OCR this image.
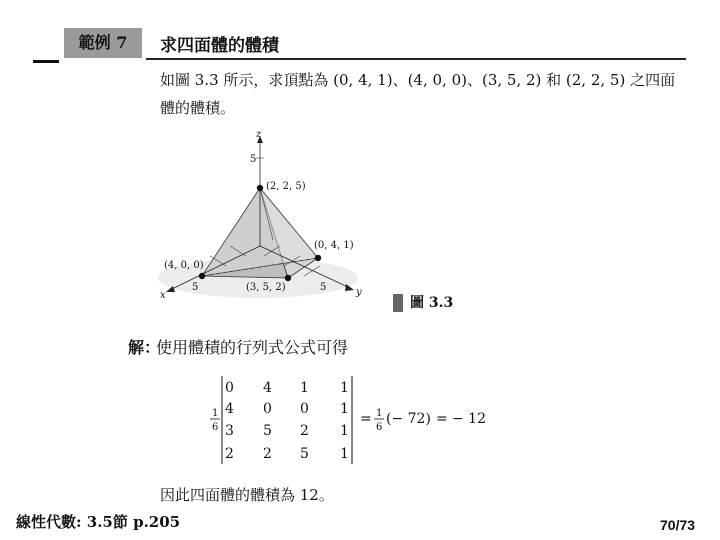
範例 7	求四面體的體積
如圖 3.3 所示，求頂點為 (0, 4, 1)、(4, 0, 0)、(3, 5, 2) 和 (2, 2, 5) 之四面體的體積。
z
5
x
5	y
5
(2, 2, 5)
(0, 4, 1)
(4, 0, 0)
(3, 5, 2)
圖 3.3
解：
使用體積的行列式公式可得
1
6
0 4 1 1
4 0 0 1
3 5 2 1
2 2 5 1
= 1
6
(− 72) = − 12
因此四面體的體積為 12。
線性代數: 3.5節 p.205	70/73
